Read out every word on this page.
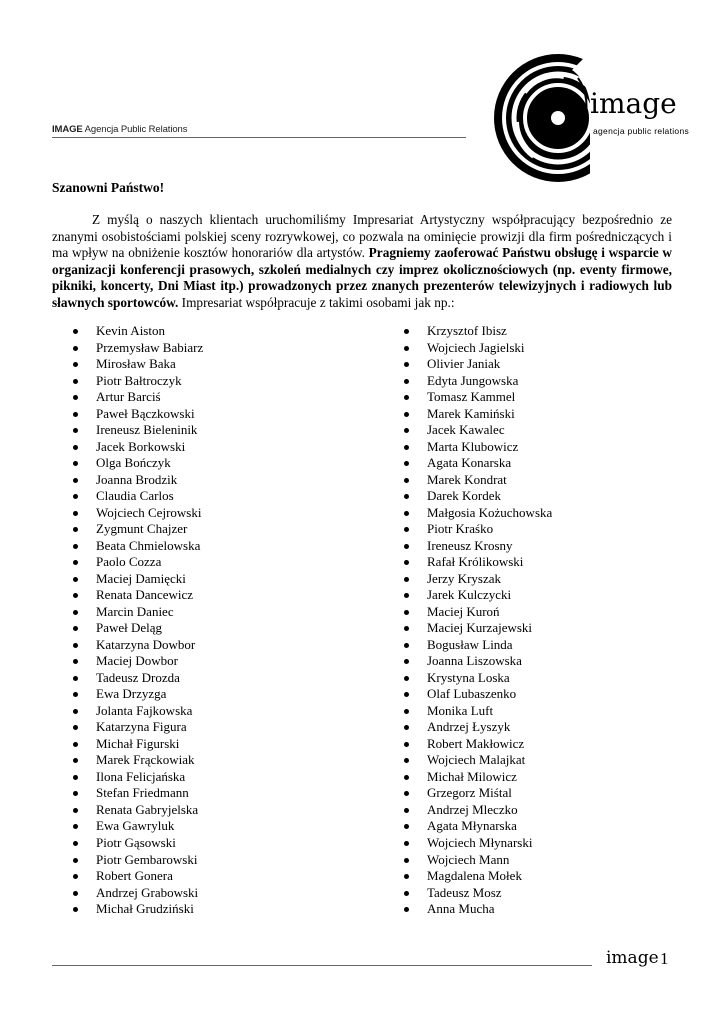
IMAGE Agencja Public Relations
image
agencja public relations
Szanowni Państwo!

Z myślą o naszych klientach uruchomiliśmy Impresariat Artystyczny współpracujący bezpośrednio ze znanymi osobistościami polskiej sceny rozrywkowej, co pozwala na ominięcie prowizji dla firm pośredniczących i ma wpływ na obniżenie kosztów honorariów dla artystów. Pragniemy zaoferować Państwu obsługę i wsparcie w organizacji konferencji prasowych, szkoleń medialnych czy imprez okolicznościowych (np. eventy firmowe, pikniki, koncerty, Dni Miast itp.) prowadzonych przez znanych prezenterów telewizyjnych i radiowych lub sławnych sportowców. Impresariat współpracuje z takimi osobami jak np.:

Kevin Aiston
Przemysław Babiarz
Mirosław Baka
Piotr Bałtroczyk
Artur Barciś
Paweł Bączkowski
Ireneusz Bieleninik
Jacek Borkowski
Olga Bończyk
Joanna Brodzik
Claudia Carlos
Wojciech Cejrowski
Zygmunt Chajzer
Beata Chmielowska
Paolo Cozza
Maciej Damięcki
Renata Dancewicz
Marcin Daniec
Paweł Deląg
Katarzyna Dowbor
Maciej Dowbor
Tadeusz Drozda
Ewa Drzyzga
Jolanta Fajkowska
Katarzyna Figura
Michał Figurski
Marek Frąckowiak
Ilona Felicjańska
Stefan Friedmann
Renata Gabryjelska
Ewa Gawryluk
Piotr Gąsowski
Piotr Gembarowski
Robert Gonera
Andrzej Grabowski
Michał Grudziński
Krzysztof Ibisz
Wojciech Jagielski
Olivier Janiak
Edyta Jungowska
Tomasz Kammel
Marek Kamiński
Jacek Kawalec
Marta Klubowicz
Agata Konarska
Marek Kondrat
Darek Kordek
Małgosia Kożuchowska
Piotr Kraśko
Ireneusz Krosny
Rafał Królikowski
Jerzy Kryszak
Jarek Kulczycki
Maciej Kuroń
Maciej Kurzajewski
Bogusław Linda
Joanna Liszowska
Krystyna Loska
Olaf Lubaszenko
Monika Luft
Andrzej Łyszyk
Robert Makłowicz
Wojciech Malajkat
Michał Milowicz
Grzegorz Miśtal
Andrzej Mleczko
Agata Młynarska
Wojciech Młynarski
Wojciech Mann
Magdalena Mołek
Tadeusz Mosz
Anna Mucha
image 1
